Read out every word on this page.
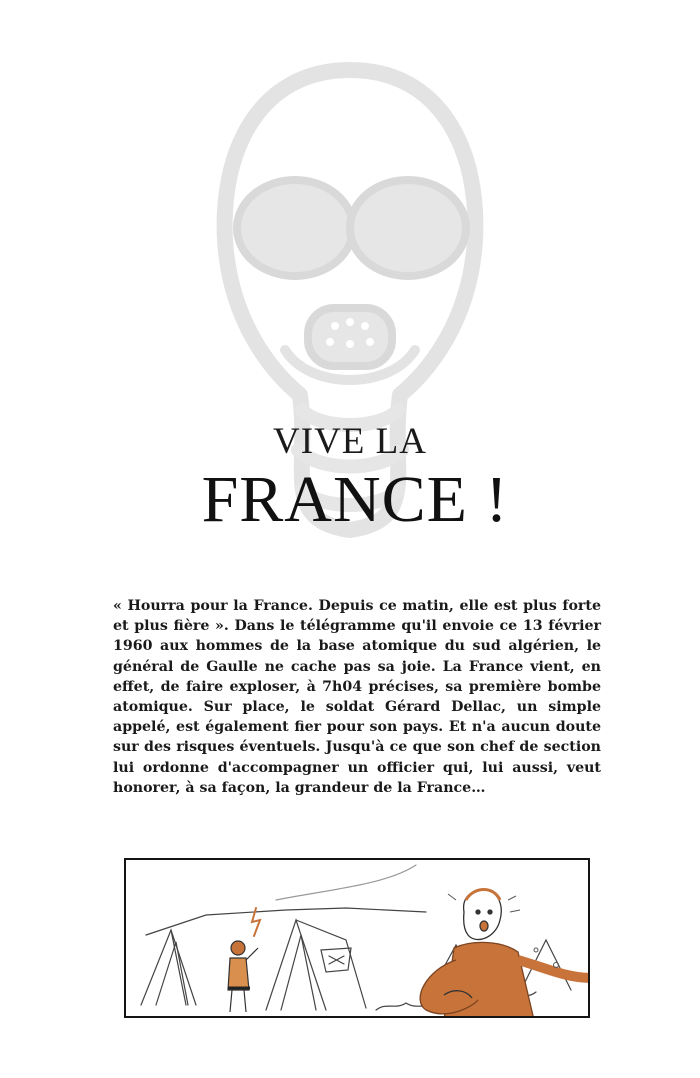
VIVE LA
FRANCE !

« Hourra pour la France. Depuis ce matin, elle est plus forte et plus fière ». Dans le télégramme qu'il envoie ce 13 février 1960 aux hommes de la base atomique du sud algérien, le général de Gaulle ne cache pas sa joie. La France vient, en effet, de faire exploser, à 7h04 précises, sa première bombe atomique. Sur place, le soldat Gérard Dellac, un simple appelé, est également fier pour son pays. Et n'a aucun doute sur des risques éventuels. Jusqu'à ce que son chef de section lui ordonne d'accompagner un officier qui, lui aussi, veut honorer, à sa façon, la grandeur de la France…
